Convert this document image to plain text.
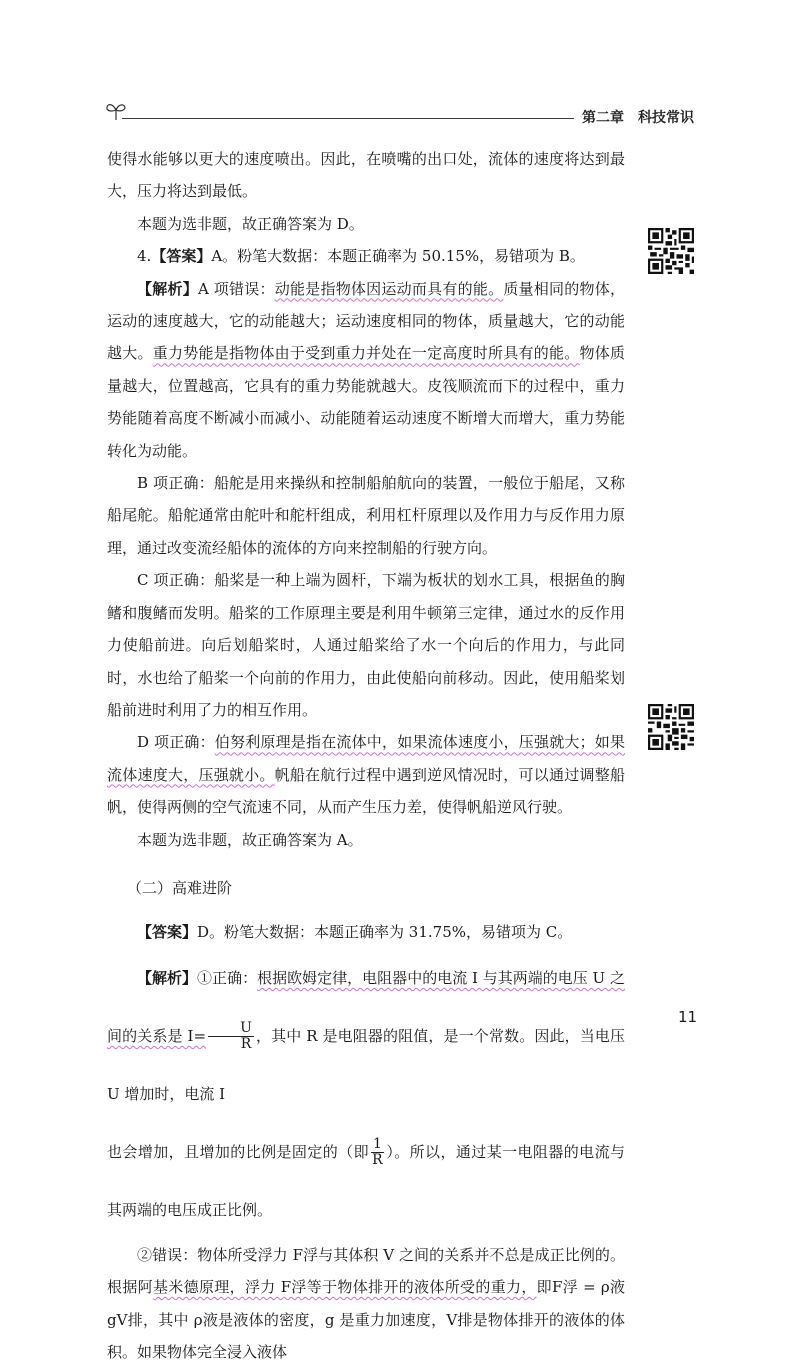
第二章　科技常识

使得水能够以更大的速度喷出。因此，在喷嘴的出口处，流体的速度将达到最大，压力将达到最低。

本题为选非题，故正确答案为 D。

4.【答案】A。粉笔大数据：本题正确率为 50.15%，易错项为 B。

【解析】A 项错误：动能是指物体因运动而具有的能。质量相同的物体，运动的速度越大，它的动能越大；运动速度相同的物体，质量越大，它的动能越大。重力势能是指物体由于受到重力并处在一定高度时所具有的能。物体质量越大，位置越高，它具有的重力势能就越大。皮筏顺流而下的过程中，重力势能随着高度不断减小而减小、动能随着运动速度不断增大而增大，重力势能转化为动能。

B 项正确：船舵是用来操纵和控制船舶航向的装置，一般位于船尾，又称船尾舵。船舵通常由舵叶和舵杆组成，利用杠杆原理以及作用力与反作用力原理，通过改变流经船体的流体的方向来控制船的行驶方向。

C 项正确：船桨是一种上端为圆杆，下端为板状的划水工具，根据鱼的胸鳍和腹鳍而发明。船桨的工作原理主要是利用牛顿第三定律，通过水的反作用力使船前进。向后划船桨时，人通过船桨给了水一个向后的作用力，与此同时，水也给了船桨一个向前的作用力，由此使船向前移动。因此，使用船桨划船前进时利用了力的相互作用。

D 项正确：伯努利原理是指在流体中，如果流体速度小，压强就大；如果流体速度大，压强就小。帆船在航行过程中遇到逆风情况时，可以通过调整船帆，使得两侧的空气流速不同，从而产生压力差，使得帆船逆风行驶。

本题为选非题，故正确答案为 A。

（二）高难进阶

【答案】D。粉笔大数据：本题正确率为 31.75%，易错项为 C。

【解析】①正确：根据欧姆定律，电阻器中的电流 I 与其两端的电压 U 之间的关系是 $I= \frac{U}{R}$ ，其中 R 是电阻器的阻值，是一个常数。因此，当电压 U 增加时，电流 I

也会增加，且增加的比例是固定的（即 $\frac{1}{R}$ ）。所以，通过某一电阻器的电流与其两端的电压成正比例。

②错误：物体所受浮力 F浮与其体积 V 之间的关系并不总是成正比例的。根据阿基米德原理，浮力 F浮等于物体排开的液体所受的重力，即F浮 = ρ液gV排，其中 ρ液是液体的密度，g 是重力加速度，V排是物体排开的液体的体积。如果物体完全浸入液体

11
